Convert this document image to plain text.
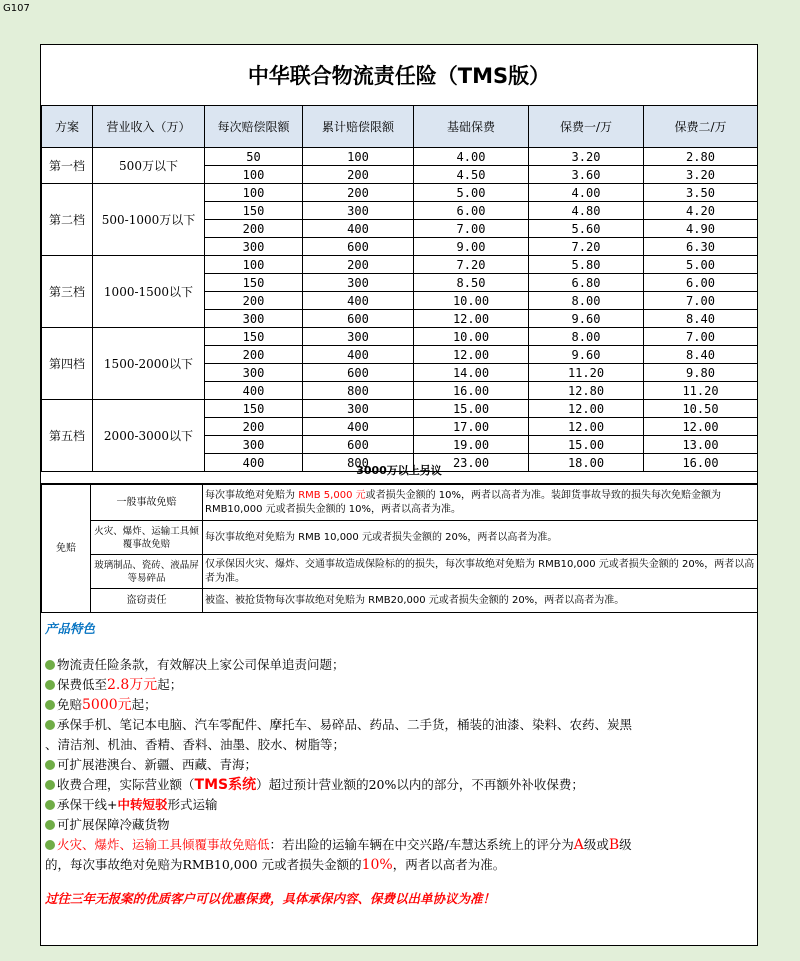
G107
中华联合物流责任险（TMS版）
方案	营业收入（万）	每次赔偿限额	累计赔偿限额	基础保费	保费一/万	保费二/万
第一档	500万以下	50	100	4.00	3.20	2.80
		100	200	4.50	3.60	3.20
第二档	500-1000万以下	100	200	5.00	4.00	3.50
		150	300	6.00	4.80	4.20
		200	400	7.00	5.60	4.90
		300	600	9.00	7.20	6.30
第三档	1000-1500以下	100	200	7.20	5.80	5.00
		150	300	8.50	6.80	6.00
		200	400	10.00	8.00	7.00
		300	600	12.00	9.60	8.40
第四档	1500-2000以下	150	300	10.00	8.00	7.00
		200	400	12.00	9.60	8.40
		300	600	14.00	11.20	9.80
		400	800	16.00	12.80	11.20
第五档	2000-3000以下	150	300	15.00	12.00	10.50
		200	400	17.00	12.00	12.00
		300	600	19.00	15.00	13.00
		400	800	23.00	18.00	16.00
3000万以上另议
免赔	一般事故免赔	每次事故绝对免赔为 RMB 5,000 元或者损失金额的 10%，两者以高者为准。装卸货事故导致的损失每次免赔金额为 RMB10,000 元或者损失金额的 10%，两者以高者为准。
	火灾、爆炸、运输工具倾覆事故免赔	每次事故绝对免赔为 RMB 10,000 元或者损失金额的 20%，两者以高者为准。
	玻璃制品、瓷砖、液晶屏等易碎品	仅承保因火灾、爆炸、交通事故造成保险标的的损失，每次事故绝对免赔为 RMB10,000 元或者损失金额的 20%，两者以高者为准。
	盗窃责任	被盗、被抢货物每次事故绝对免赔为 RMB20,000 元或者损失金额的 20%，两者以高者为准。
产品特色
物流责任险条款，有效解决上家公司保单追责问题；
保费低至2.8万元起；
免赔5000元起；
承保手机、笔记本电脑、汽车零配件、摩托车、易碎品、药品、二手货，桶装的油漆、染料、农药、炭黑
、清洁剂、机油、香精、香料、油墨、胶水、树脂等；
可扩展港澳台、新疆、西藏、青海；
收费合理，实际营业额（TMS系统）超过预计营业额的20%以内的部分，不再额外补收保费；
承保干线+中转短驳形式运输
可扩展保障冷藏货物
火灾、爆炸、运输工具倾覆事故免赔低：若出险的运输车辆在中交兴路/车慧达系统上的评分为A级或B级
的，每次事故绝对免赔为RMB10,000 元或者损失金额的10%，两者以高者为准。
过往三年无报案的优质客户可以优惠保费，具体承保内容、保费以出单协议为准！
